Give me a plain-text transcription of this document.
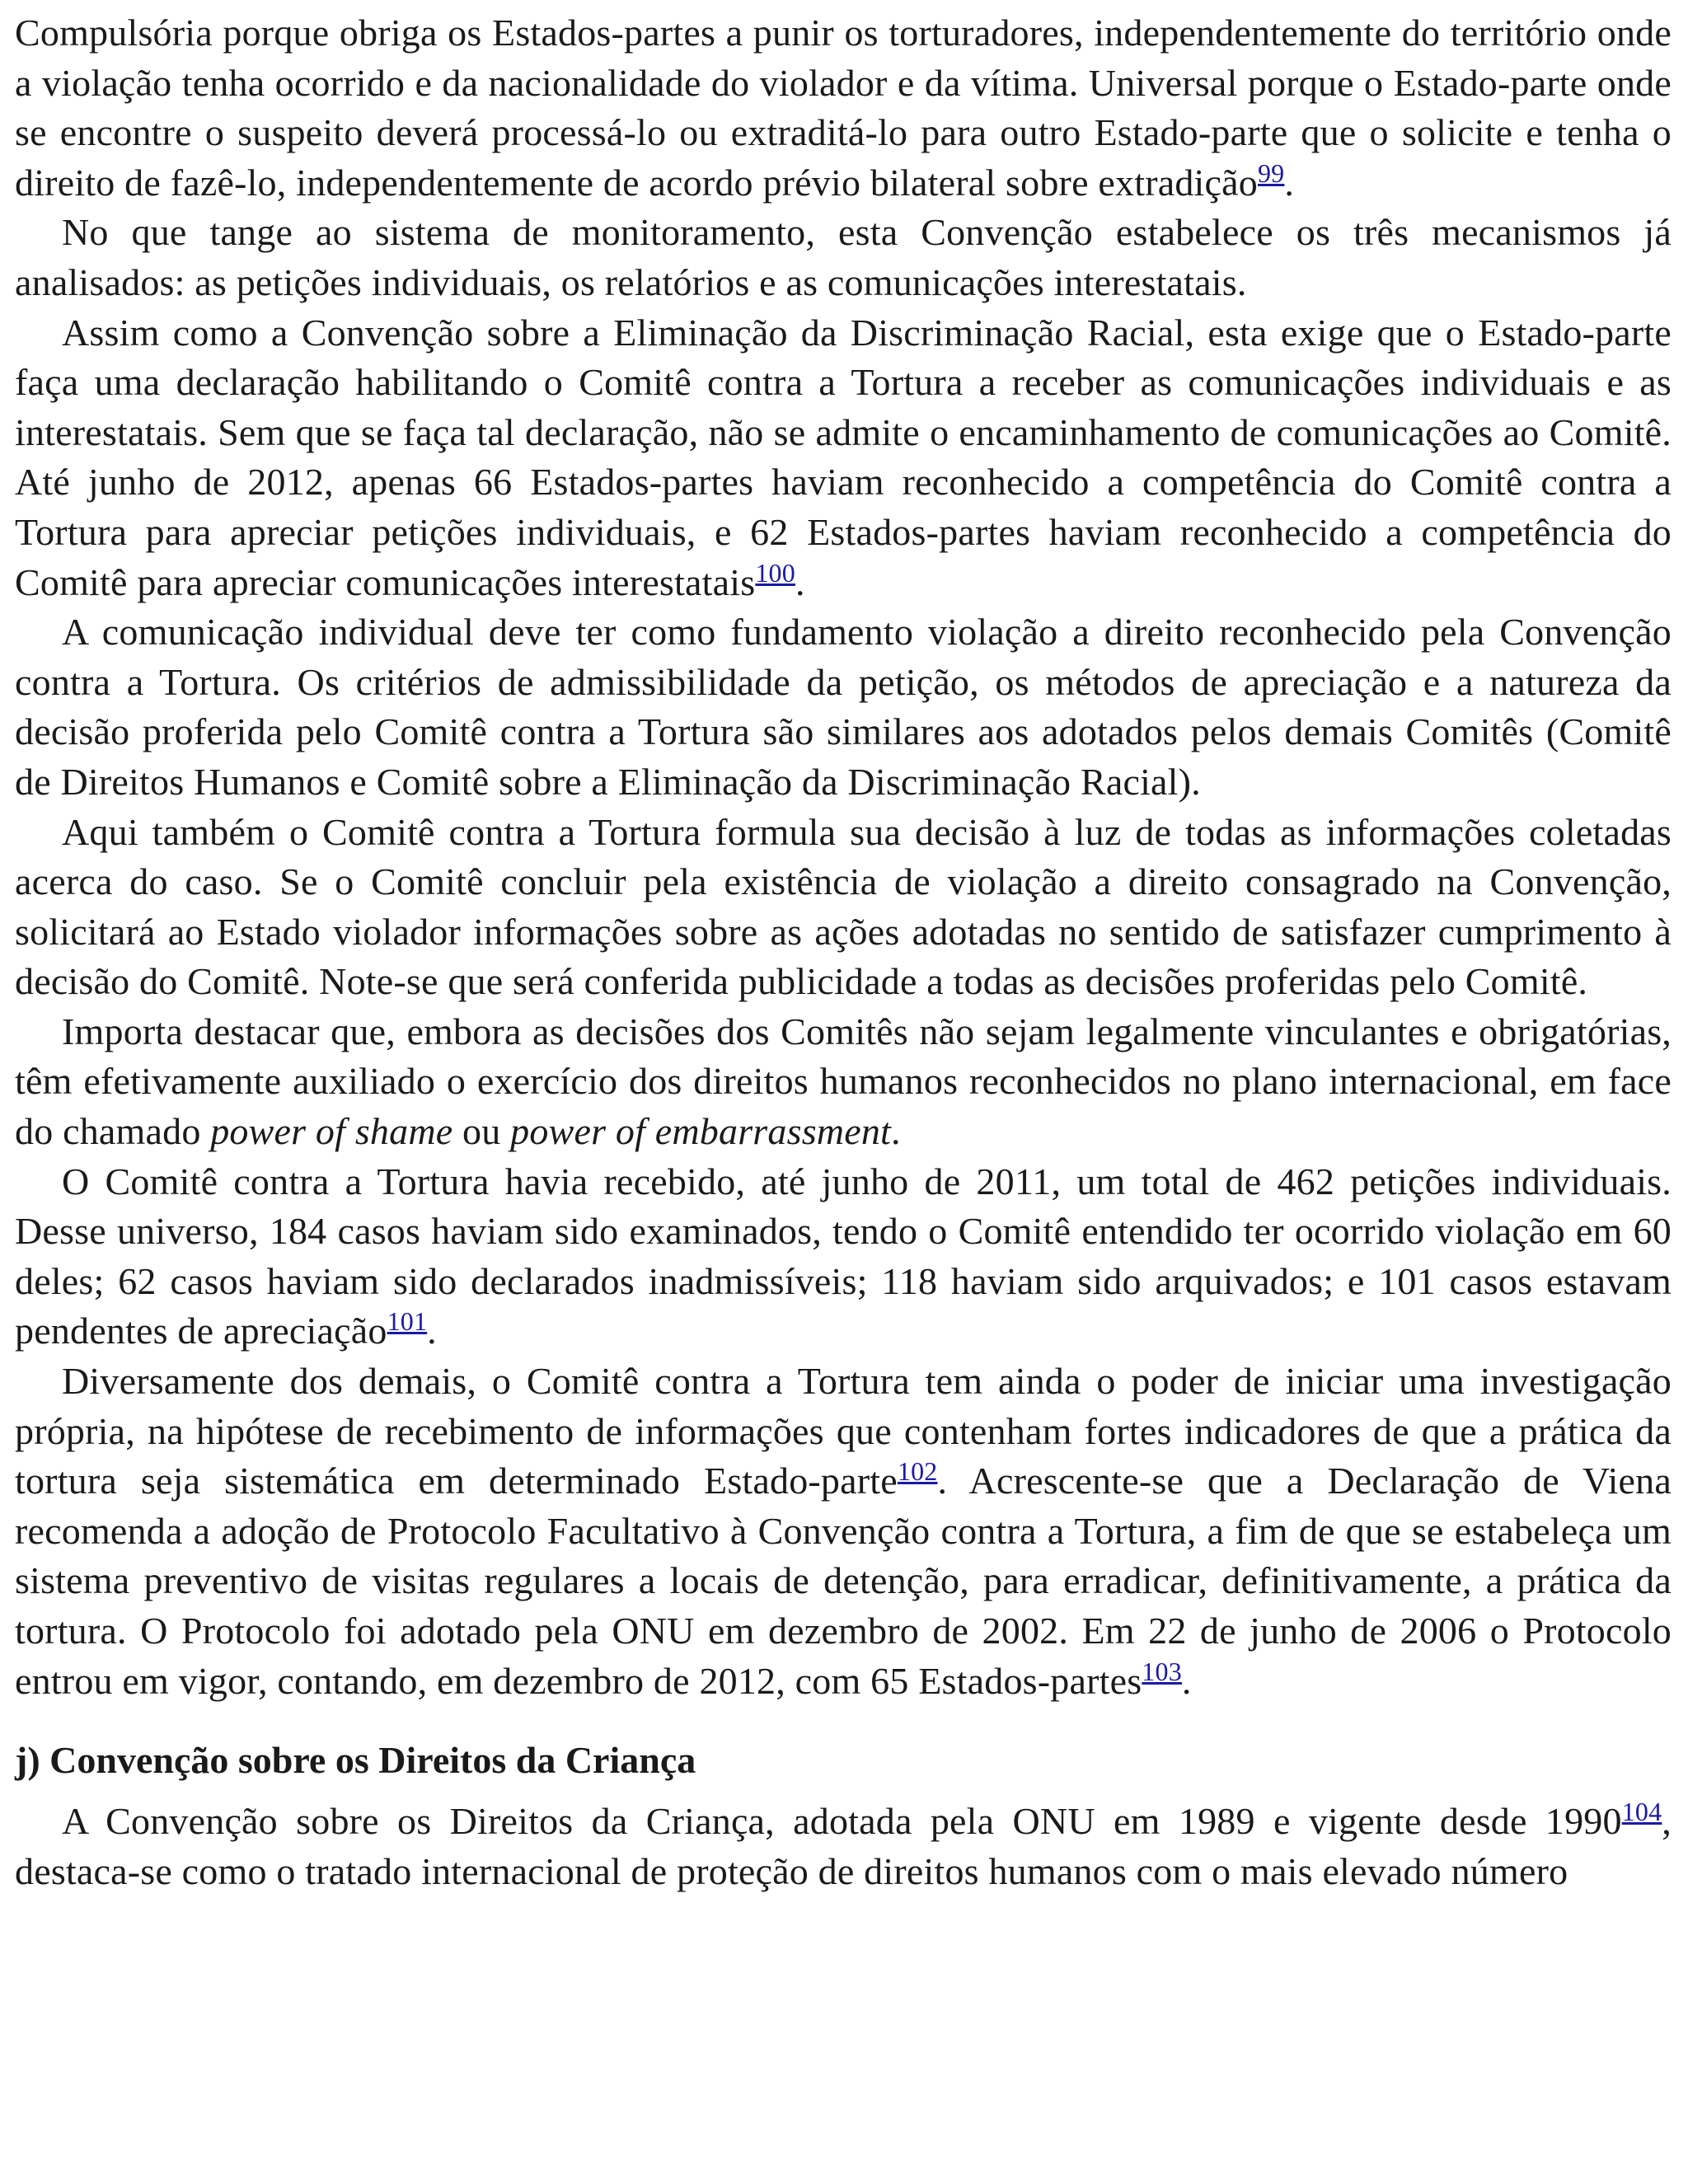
Compulsória porque obriga os Estados-partes a punir os torturadores, independentemente do território onde a violação tenha ocorrido e da nacionalidade do violador e da vítima. Universal porque o Estado-parte onde se encontre o suspeito deverá processá-lo ou extraditá-lo para outro Estado-parte que o solicite e tenha o direito de fazê-lo, independentemente de acordo prévio bilateral sobre extradição$^{99}$.

No que tange ao sistema de monitoramento, esta Convenção estabelece os três mecanismos já analisados: as petições individuais, os relatórios e as comunicações interestatais.

Assim como a Convenção sobre a Eliminação da Discriminação Racial, esta exige que o Estado-parte faça uma declaração habilitando o Comitê contra a Tortura a receber as comunicações individuais e as interestatais. Sem que se faça tal declaração, não se admite o encaminhamento de comunicações ao Comitê. Até junho de 2012, apenas 66 Estados-partes haviam reconhecido a competência do Comitê contra a Tortura para apreciar petições individuais, e 62 Estados-partes haviam reconhecido a competência do Comitê para apreciar comunicações interestatais$^{100}$.

A comunicação individual deve ter como fundamento violação a direito reconhecido pela Convenção contra a Tortura. Os critérios de admissibilidade da petição, os métodos de apreciação e a natureza da decisão proferida pelo Comitê contra a Tortura são similares aos adotados pelos demais Comitês (Comitê de Direitos Humanos e Comitê sobre a Eliminação da Discriminação Racial).

Aqui também o Comitê contra a Tortura formula sua decisão à luz de todas as informações coletadas acerca do caso. Se o Comitê concluir pela existência de violação a direito consagrado na Convenção, solicitará ao Estado violador informações sobre as ações adotadas no sentido de satisfazer cumprimento à decisão do Comitê. Note-se que será conferida publicidade a todas as decisões proferidas pelo Comitê.

Importa destacar que, embora as decisões dos Comitês não sejam legalmente vinculantes e obrigatórias, têm efetivamente auxiliado o exercício dos direitos humanos reconhecidos no plano internacional, em face do chamado power of shame ou power of embarrassment.

O Comitê contra a Tortura havia recebido, até junho de 2011, um total de 462 petições individuais. Desse universo, 184 casos haviam sido examinados, tendo o Comitê entendido ter ocorrido violação em 60 deles; 62 casos haviam sido declarados inadmissíveis; 118 haviam sido arquivados; e 101 casos estavam pendentes de apreciação$^{101}$.

Diversamente dos demais, o Comitê contra a Tortura tem ainda o poder de iniciar uma investigação própria, na hipótese de recebimento de informações que contenham fortes indicadores de que a prática da tortura seja sistemática em determinado Estado-parte$^{102}$. Acrescente-se que a Declaração de Viena recomenda a adoção de Protocolo Facultativo à Convenção contra a Tortura, a fim de que se estabeleça um sistema preventivo de visitas regulares a locais de detenção, para erradicar, definitivamente, a prática da tortura. O Protocolo foi adotado pela ONU em dezembro de 2002. Em 22 de junho de 2006 o Protocolo entrou em vigor, contando, em dezembro de 2012, com 65 Estados-partes$^{103}$.

j) Convenção sobre os Direitos da Criança

A Convenção sobre os Direitos da Criança, adotada pela ONU em 1989 e vigente desde 1990$^{104}$, destaca-se como o tratado internacional de proteção de direitos humanos com o mais elevado número
